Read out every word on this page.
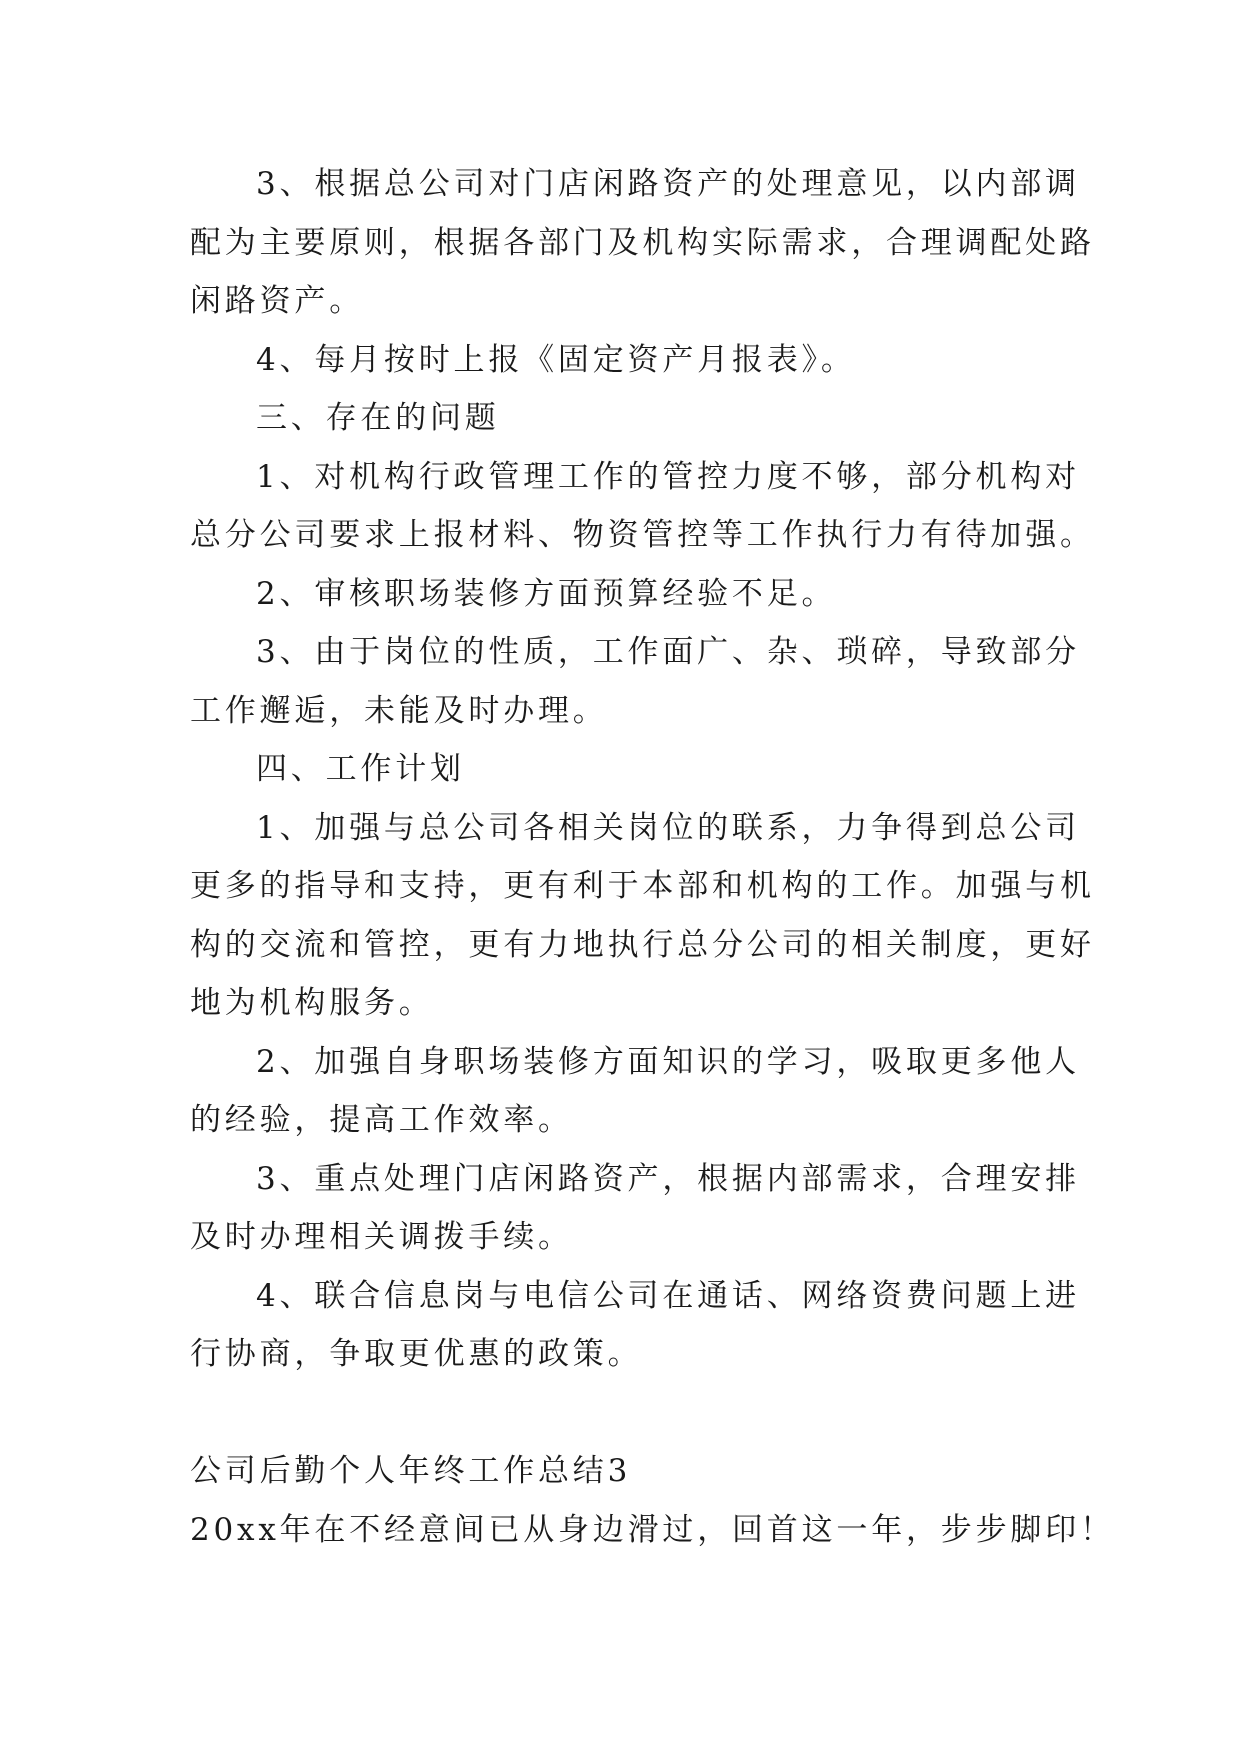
3、根据总公司对门店闲路资产的处理意见，以内部调
配为主要原则，根据各部门及机构实际需求，合理调配处路
闲路资产。
4、每月按时上报《固定资产月报表》。
三、存在的问题
1、对机构行政管理工作的管控力度不够，部分机构对
总分公司要求上报材料、物资管控等工作执行力有待加强。
2、审核职场装修方面预算经验不足。
3、由于岗位的性质，工作面广、杂、琐碎，导致部分
工作邂逅，未能及时办理。
四、工作计划
1、加强与总公司各相关岗位的联系，力争得到总公司
更多的指导和支持，更有利于本部和机构的工作。加强与机
构的交流和管控，更有力地执行总分公司的相关制度，更好
地为机构服务。
2、加强自身职场装修方面知识的学习，吸取更多他人
的经验，提高工作效率。
3、重点处理门店闲路资产，根据内部需求，合理安排
及时办理相关调拨手续。
4、联合信息岗与电信公司在通话、网络资费问题上进
行协商，争取更优惠的政策。
公司后勤个人年终工作总结3
20xx年在不经意间已从身边滑过，回首这一年，步步脚印！
